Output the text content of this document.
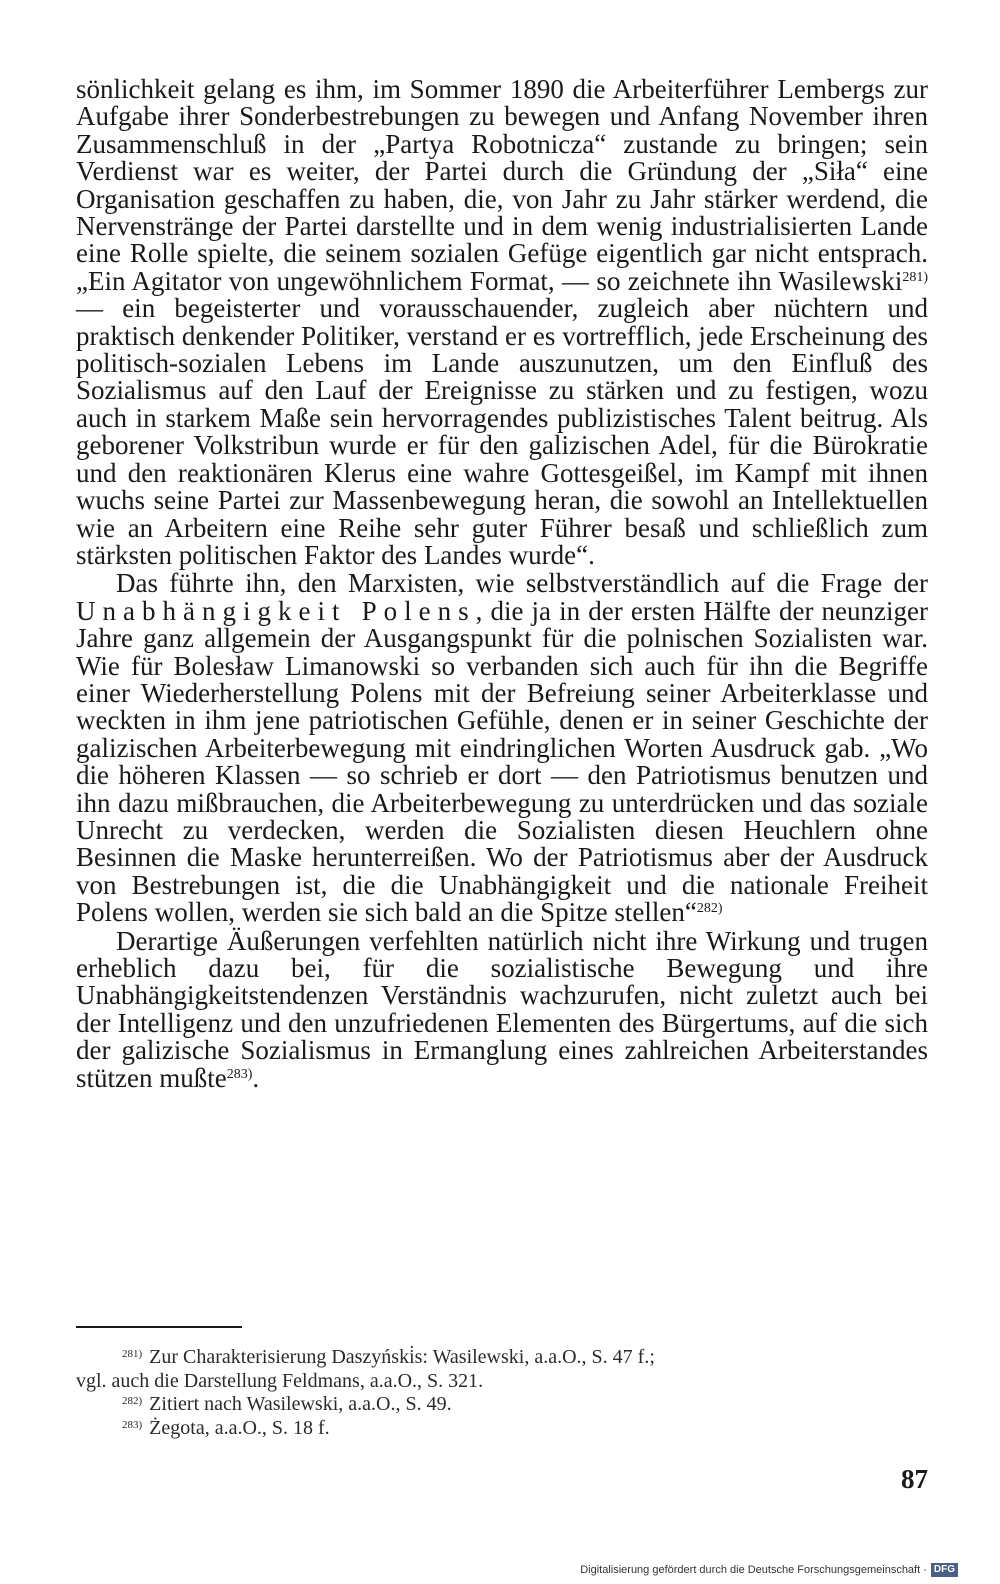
sönlichkeit gelang es ihm, im Sommer 1890 die Arbeiterführer Lembergs zur Aufgabe ihrer Sonderbestrebungen zu bewegen und Anfang November ihren Zusammenschluß in der „Partya Robotnicza“ zustande zu bringen; sein Verdienst war es weiter, der Partei durch die Gründung der „Siła“ eine Organisation geschaffen zu haben, die, von Jahr zu Jahr stärker werdend, die Nervenstränge der Partei darstellte und in dem wenig industrialisierten Lande eine Rolle spielte, die seinem sozialen Gefüge eigentlich gar nicht entsprach. „Ein Agitator von ungewöhnlichem Format, — so zeichnete ihn Wasilewski$^{281)}$ — ein begeisterter und vorausschauender, zugleich aber nüchtern und praktisch denkender Politiker, verstand er es vortrefflich, jede Erscheinung des politisch-sozialen Lebens im Lande auszunutzen, um den Einfluß des Sozialismus auf den Lauf der Ereignisse zu stärken und zu festigen, wozu auch in starkem Maße sein hervorragendes publizistisches Talent beitrug. Als geborener Volkstribun wurde er für den galizischen Adel, für die Bürokratie und den reaktionären Klerus eine wahre Gottesgeißel, im Kampf mit ihnen wuchs seine Partei zur Massenbewegung heran, die sowohl an Intellektuellen wie an Arbeitern eine Reihe sehr guter Führer besaß und schließlich zum stärksten politischen Faktor des Landes wurde“.

Das führte ihn, den Marxisten, wie selbstverständlich auf die Frage der Unabhängigkeit Polens, die ja in der ersten Hälfte der neunziger Jahre ganz allgemein der Ausgangspunkt für die polnischen Sozialisten war. Wie für Bolesław Limanowski so verbanden sich auch für ihn die Begriffe einer Wiederherstellung Polens mit der Befreiung seiner Arbeiterklasse und weckten in ihm jene patriotischen Gefühle, denen er in seiner Geschichte der galizischen Arbeiterbewegung mit eindringlichen Worten Ausdruck gab. „Wo die höheren Klassen — so schrieb er dort — den Patriotismus benutzen und ihn dazu mißbrauchen, die Arbeiterbewegung zu unterdrücken und das soziale Unrecht zu verdecken, werden die Sozialisten diesen Heuchlern ohne Besinnen die Maske herunterreißen. Wo der Patriotismus aber der Ausdruck von Bestrebungen ist, die die Unabhängigkeit und die nationale Freiheit Polens wollen, werden sie sich bald an die Spitze stellen“$^{282)}$

Derartige Äußerungen verfehlten natürlich nicht ihre Wirkung und trugen erheblich dazu bei, für die sozialistische Bewegung und ihre Unabhängigkeitstendenzen Verständnis wachzurufen, nicht zuletzt auch bei der Intelligenz und den unzufriedenen Elementen des Bürgertums, auf die sich der galizische Sozialismus in Ermanglung eines zahlreichen Arbeiterstandes stützen mußte$^{283)}$.

$^{281)}$ Zur Charakterisierung Daszyński̇s: Wasilewski, a.a.O., S. 47 f.;

vgl. auch die Darstellung Feldmans, a.a.O., S. 321.

$^{282)}$ Zitiert nach Wasilewski, a.a.O., S. 49.

$^{283)}$ Żegota, a.a.O., S. 18 f.

87
Digitalisierung gefördert durch die Deutsche Forschungsgemeinschaft · DFG
